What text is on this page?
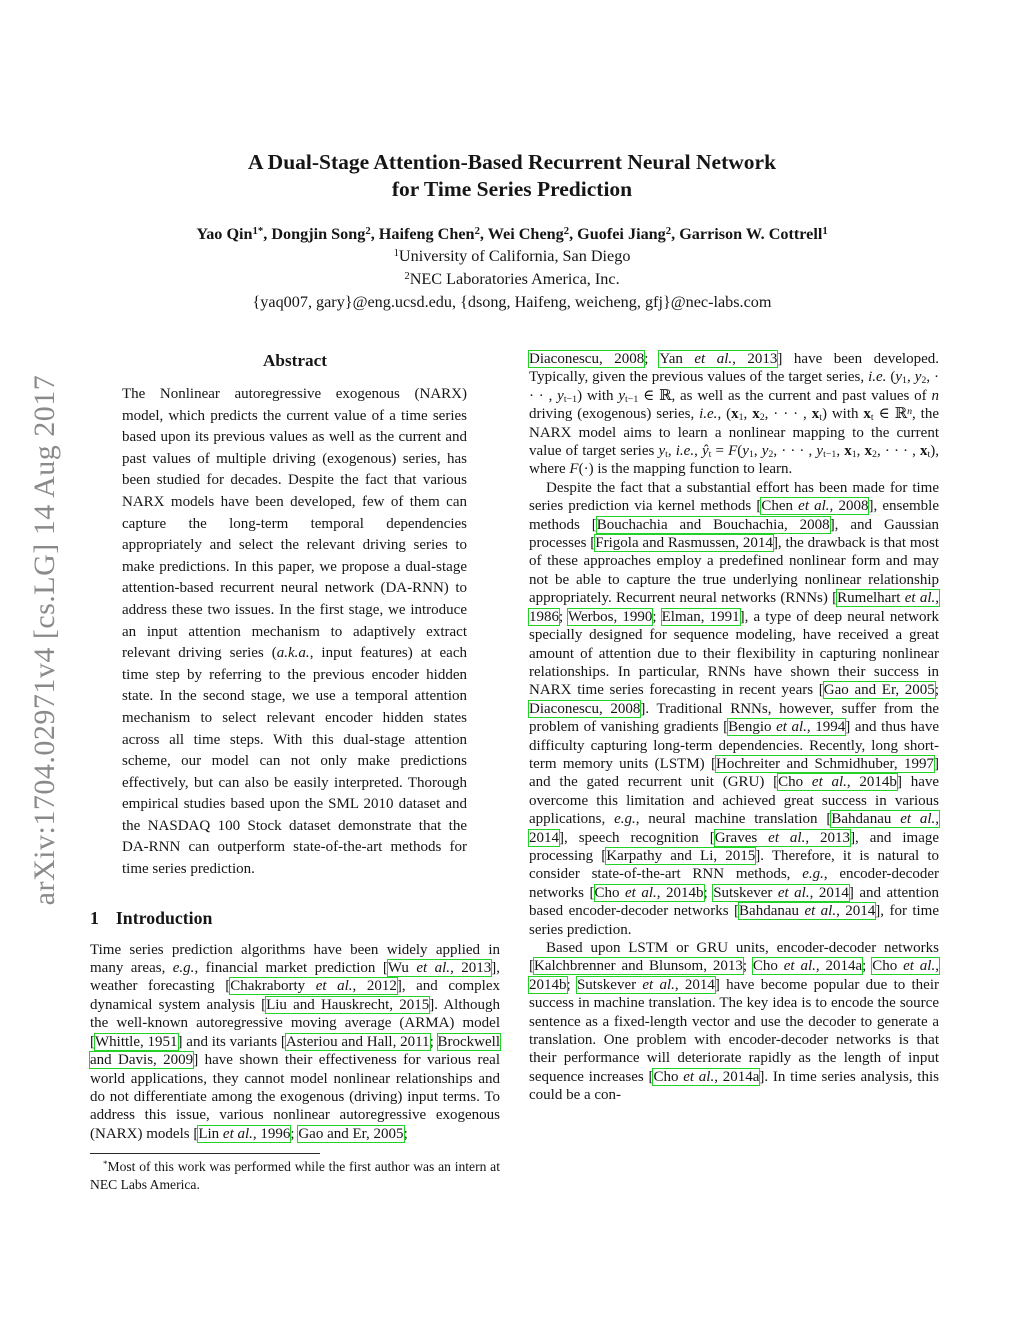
arXiv:1704.02971v4 [cs.LG] 14 Aug 2017
A Dual-Stage Attention-Based Recurrent Neural Network
for Time Series Prediction
Yao Qin$^{1*}$, Dongjin Song$^2$, Haifeng Chen$^2$, Wei Cheng$^2$, Guofei Jiang$^2$, Garrison W. Cottrell$^1$
$^1$University of California, San Diego
$^2$NEC Laboratories America, Inc.
{yaq007, gary}@eng.ucsd.edu, {dsong, Haifeng, weicheng, gfj}@nec-labs.com
Abstract

The Nonlinear autoregressive exogenous (NARX) model, which predicts the current value of a time series based upon its previous values as well as the current and past values of multiple driving (exogenous) series, has been studied for decades. Despite the fact that various NARX models have been developed, few of them can capture the long-term temporal dependencies appropriately and select the relevant driving series to make predictions. In this paper, we propose a dual-stage attention-based recurrent neural network (DA-RNN) to address these two issues. In the first stage, we introduce an input attention mechanism to adaptively extract relevant driving series (a.k.a., input features) at each time step by referring to the previous encoder hidden state. In the second stage, we use a temporal attention mechanism to select relevant encoder hidden states across all time steps. With this dual-stage attention scheme, our model can not only make predictions effectively, but can also be easily interpreted. Thorough empirical studies based upon the SML 2010 dataset and the NASDAQ 100 Stock dataset demonstrate that the DA-RNN can outperform state-of-the-art methods for time series prediction.

1 Introduction

Time series prediction algorithms have been widely applied in many areas, e.g., financial market prediction [Wu et al., 2013], weather forecasting [Chakraborty et al., 2012], and complex dynamical system analysis [Liu and Hauskrecht, 2015]. Although the well-known autoregressive moving average (ARMA) model [Whittle, 1951] and its variants [Asteriou and Hall, 2011; Brockwell and Davis, 2009] have shown their effectiveness for various real world applications, they cannot model nonlinear relationships and do not differentiate among the exogenous (driving) input terms. To address this issue, various nonlinear autoregressive exogenous (NARX) models [Lin et al., 1996; Gao and Er, 2005;

*Most of this work was performed while the first author was an intern at NEC Labs America.

Diaconescu, 2008; Yan et al., 2013] have been developed. Typically, given the previous values of the target series, i.e. (y1, y2, · · · , yt−1) with yt−1 ∈ ℝ, as well as the current and past values of n driving (exogenous) series, i.e., (x1, x2, · · · , xt) with xt ∈ ℝ$^n$, the NARX model aims to learn a nonlinear mapping to the current value of target series yt, i.e., ŷt = F(y1, y2, · · · , yt−1, x1, x2, · · · , xt), where F(·) is the mapping function to learn.

Despite the fact that a substantial effort has been made for time series prediction via kernel methods [Chen et al., 2008], ensemble methods [Bouchachia and Bouchachia, 2008], and Gaussian processes [Frigola and Rasmussen, 2014], the drawback is that most of these approaches employ a predefined nonlinear form and may not be able to capture the true underlying nonlinear relationship appropriately. Recurrent neural networks (RNNs) [Rumelhart et al., 1986; Werbos, 1990; Elman, 1991], a type of deep neural network specially designed for sequence modeling, have received a great amount of attention due to their flexibility in capturing nonlinear relationships. In particular, RNNs have shown their success in NARX time series forecasting in recent years [Gao and Er, 2005; Diaconescu, 2008]. Traditional RNNs, however, suffer from the problem of vanishing gradients [Bengio et al., 1994] and thus have difficulty capturing long-term dependencies. Recently, long short-term memory units (LSTM) [Hochreiter and Schmidhuber, 1997] and the gated recurrent unit (GRU) [Cho et al., 2014b] have overcome this limitation and achieved great success in various applications, e.g., neural machine translation [Bahdanau et al., 2014], speech recognition [Graves et al., 2013], and image processing [Karpathy and Li, 2015]. Therefore, it is natural to consider state-of-the-art RNN methods, e.g., encoder-decoder networks [Cho et al., 2014b; Sutskever et al., 2014] and attention based encoder-decoder networks [Bahdanau et al., 2014], for time series prediction.

Based upon LSTM or GRU units, encoder-decoder networks [Kalchbrenner and Blunsom, 2013; Cho et al., 2014a; Cho et al., 2014b; Sutskever et al., 2014] have become popular due to their success in machine translation. The key idea is to encode the source sentence as a fixed-length vector and use the decoder to generate a translation. One problem with encoder-decoder networks is that their performance will deteriorate rapidly as the length of input sequence increases [Cho et al., 2014a]. In time series analysis, this could be a con-
